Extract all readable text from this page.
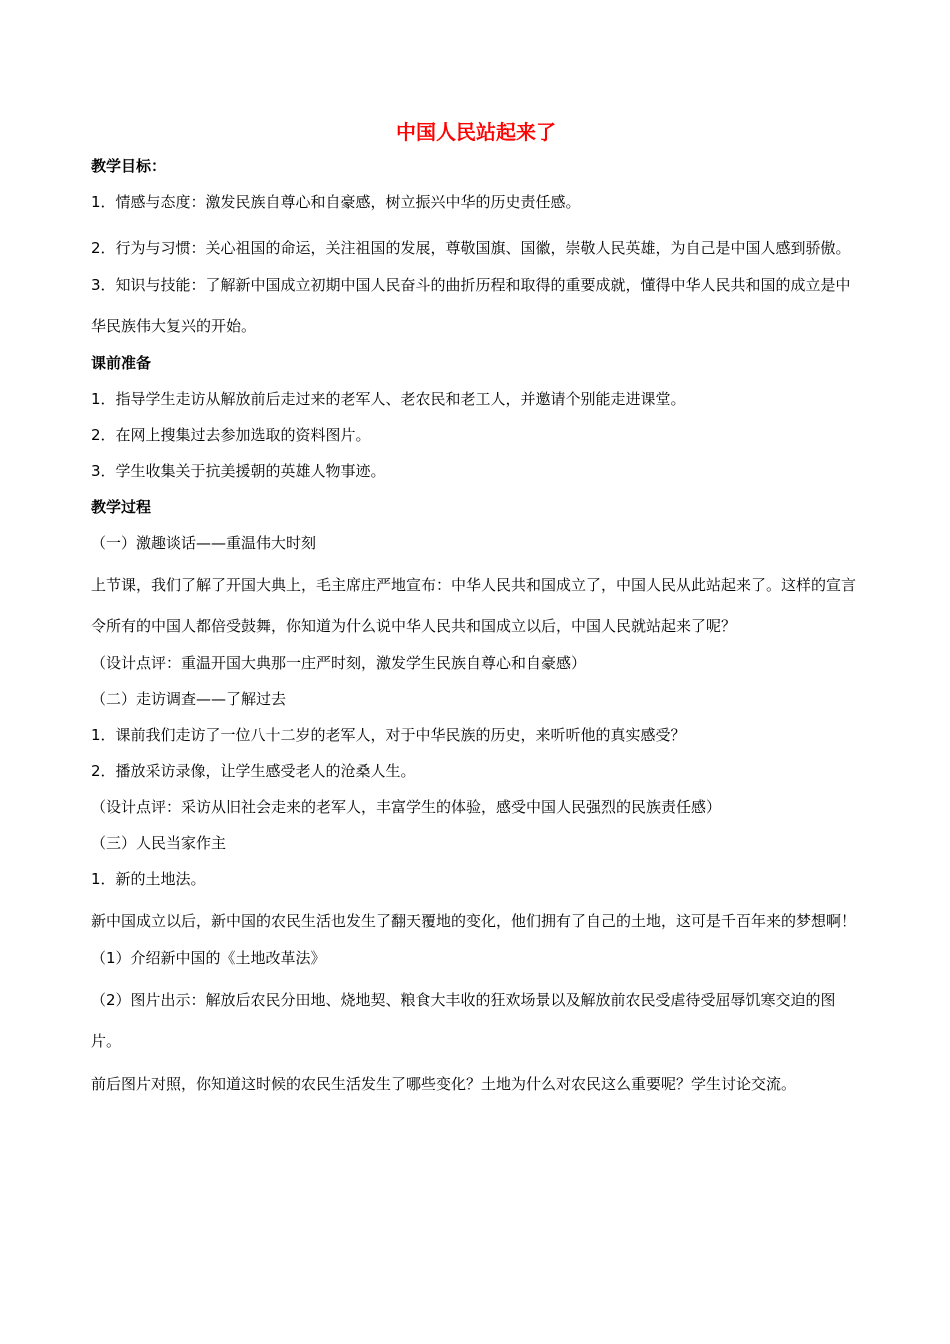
中国人民站起来了
教学目标：
1．情感与态度：激发民族自尊心和自豪感，树立振兴中华的历史责任感。
2．行为与习惯：关心祖国的命运，关注祖国的发展，尊敬国旗、国徽，崇敬人民英雄，为自己是中国人感到骄傲。
3．知识与技能：了解新中国成立初期中国人民奋斗的曲折历程和取得的重要成就，懂得中华人民共和国的成立是中华民族伟大复兴的开始。
课前准备
1．指导学生走访从解放前后走过来的老军人、老农民和老工人，并邀请个别能走进课堂。
2．在网上搜集过去参加选取的资料图片。
3．学生收集关于抗美援朝的英雄人物事迹。
教学过程
（一）激趣谈话——重温伟大时刻
上节课，我们了解了开国大典上，毛主席庄严地宣布：中华人民共和国成立了，中国人民从此站起来了。这样的宣言令所有的中国人都倍受鼓舞，你知道为什么说中华人民共和国成立以后，中国人民就站起来了呢？
（设计点评：重温开国大典那一庄严时刻，激发学生民族自尊心和自豪感）
（二）走访调查——了解过去
1．课前我们走访了一位八十二岁的老军人，对于中华民族的历史，来听听他的真实感受？
2．播放采访录像，让学生感受老人的沧桑人生。
（设计点评：采访从旧社会走来的老军人，丰富学生的体验，感受中国人民强烈的民族责任感）
（三）人民当家作主
1．新的土地法。
新中国成立以后，新中国的农民生活也发生了翻天覆地的变化，他们拥有了自己的土地，这可是千百年来的梦想啊！
（1）介绍新中国的《土地改革法》
（2）图片出示：解放后农民分田地、烧地契、粮食大丰收的狂欢场景以及解放前农民受虐待受屈辱饥寒交迫的图片。
前后图片对照，你知道这时候的农民生活发生了哪些变化？土地为什么对农民这么重要呢？学生讨论交流。
